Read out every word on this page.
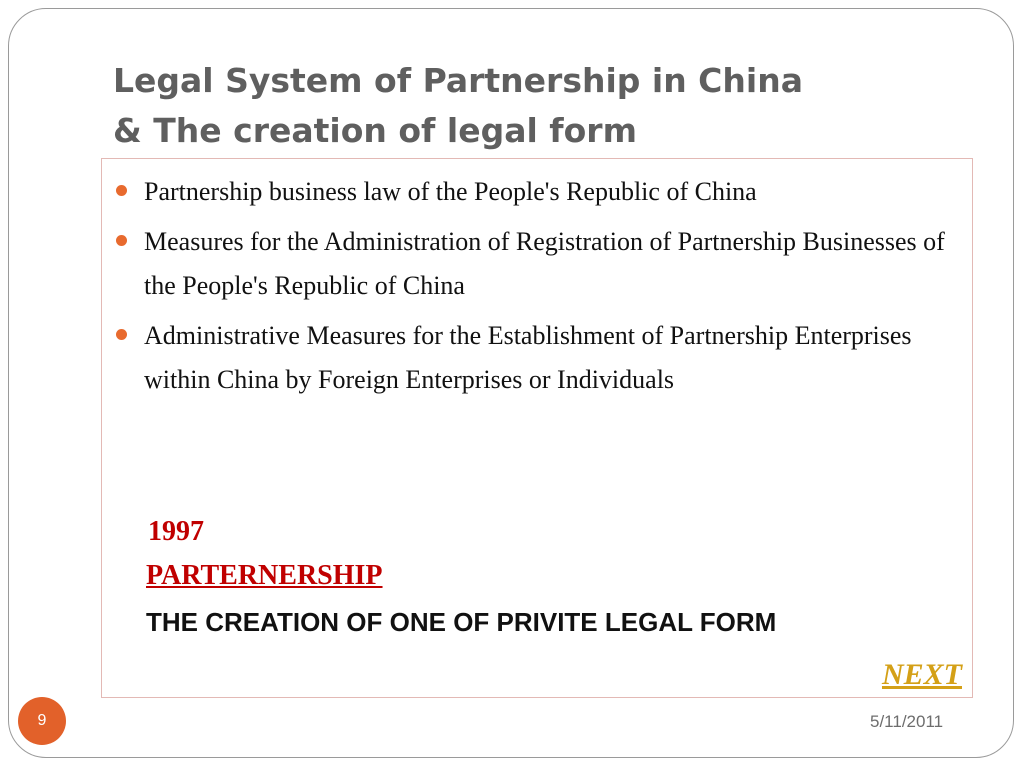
Legal System of Partnership in China
& The creation of legal form
Partnership business law of the People's Republic of China
Measures for the Administration of Registration of Partnership Businesses of the People's Republic of China
Administrative Measures for the Establishment of Partnership Enterprises within China by Foreign Enterprises or Individuals

1997

PARTERNERSHIP

THE CREATION OF ONE OF PRIVITE LEGAL FORM

NEXT
9	5/11/2011
